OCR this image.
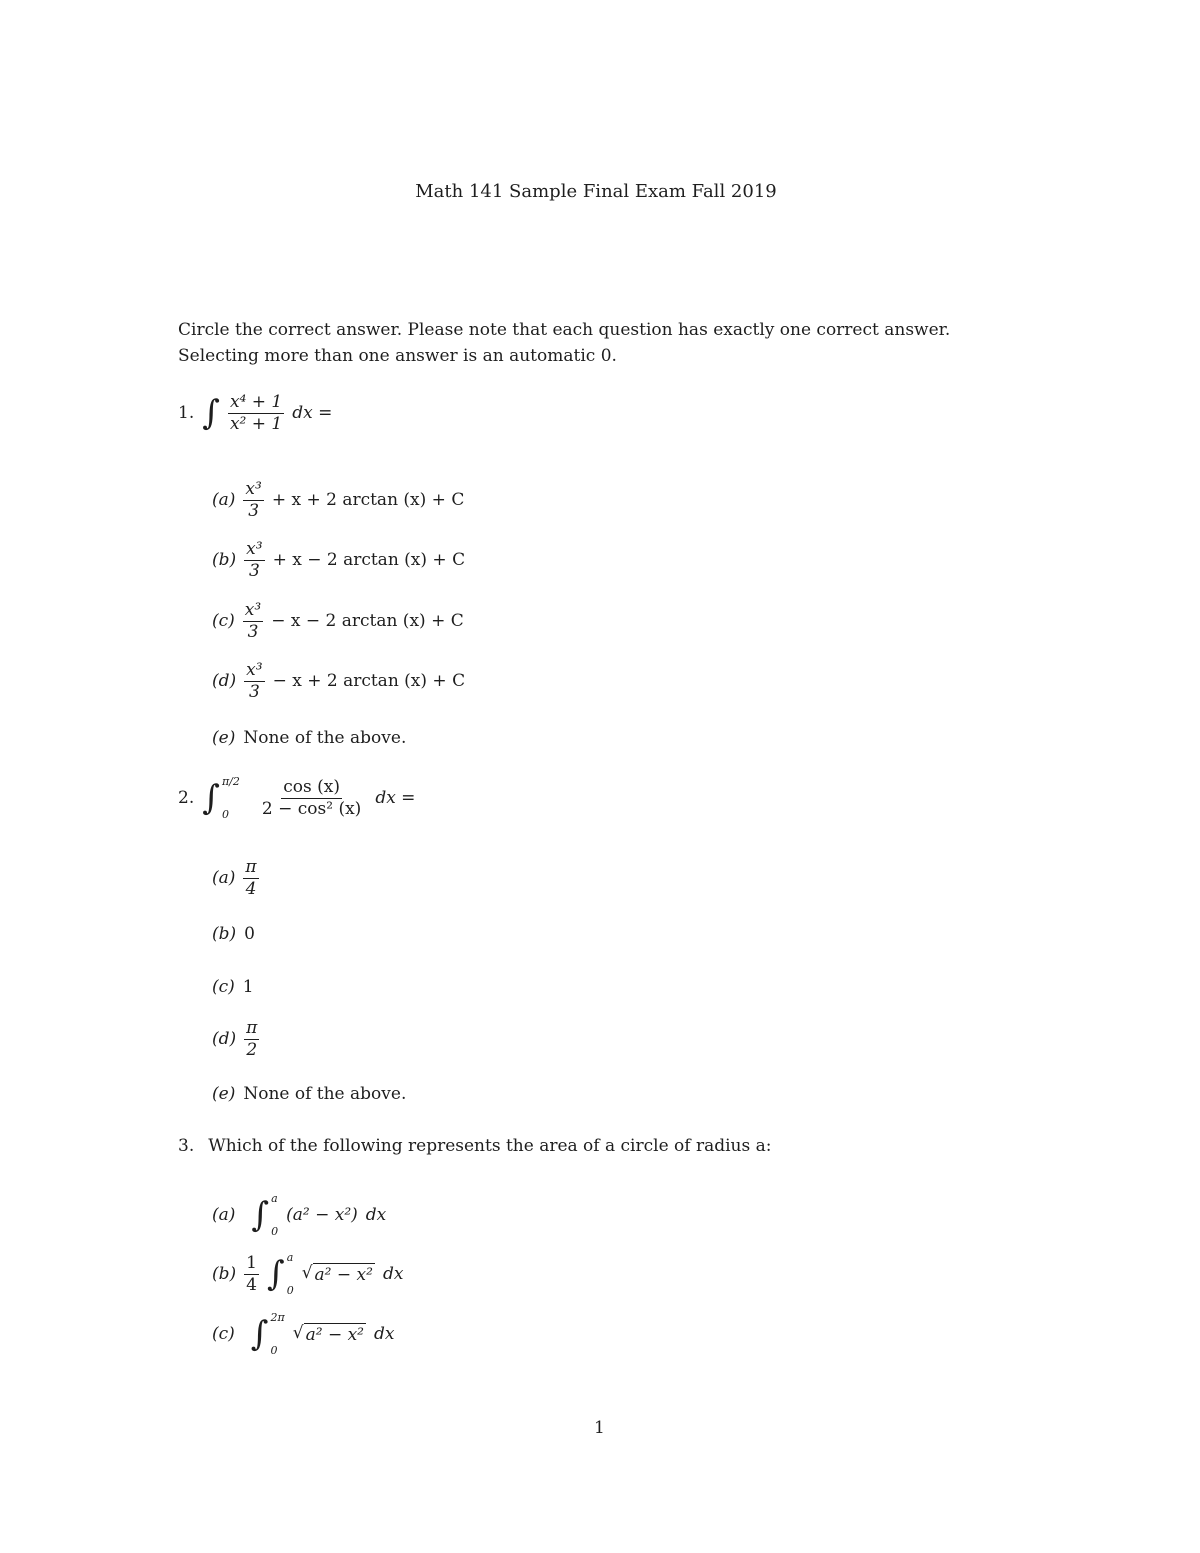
Math 141 Sample Final Exam Fall 2019
Circle the correct answer. Please note that each question has exactly one correct answer.
Selecting more than one answer is an automatic 0.
1. ∫ $\frac{\text{x⁴ + 1}}{\text{x² + 1}}$ dx =
$(a) \frac{\text{x³}}{3} + x + 2$ arctan (x) + C
$(b) \frac{\text{x³}}{3} + x - 2$ arctan (x) + C
$(c) \frac{\text{x³}}{3} - x - 2$ arctan (x) + C
$(d) \frac{\text{x³}}{3} - x + 2$ arctan (x) + C
(e) None of the above.
2. ∫ π/2
0	$\frac{\cos (x)}{\text{2 − cos² (x)}}$ dx =
$(a) \frac{\pi}{4}$
(b) 0
(c) 1
$(d) \frac{\pi}{2}$
(e) None of the above.
3. Which of the following represents the area of a circle of radius a:
(a) ∫ a
0
(a² − x²) dx
$(b) \frac{1}{4}$ ∫ a
0
√ a² − x² dx
(c) ∫ 2π
0
√ a² − x² dx
1
